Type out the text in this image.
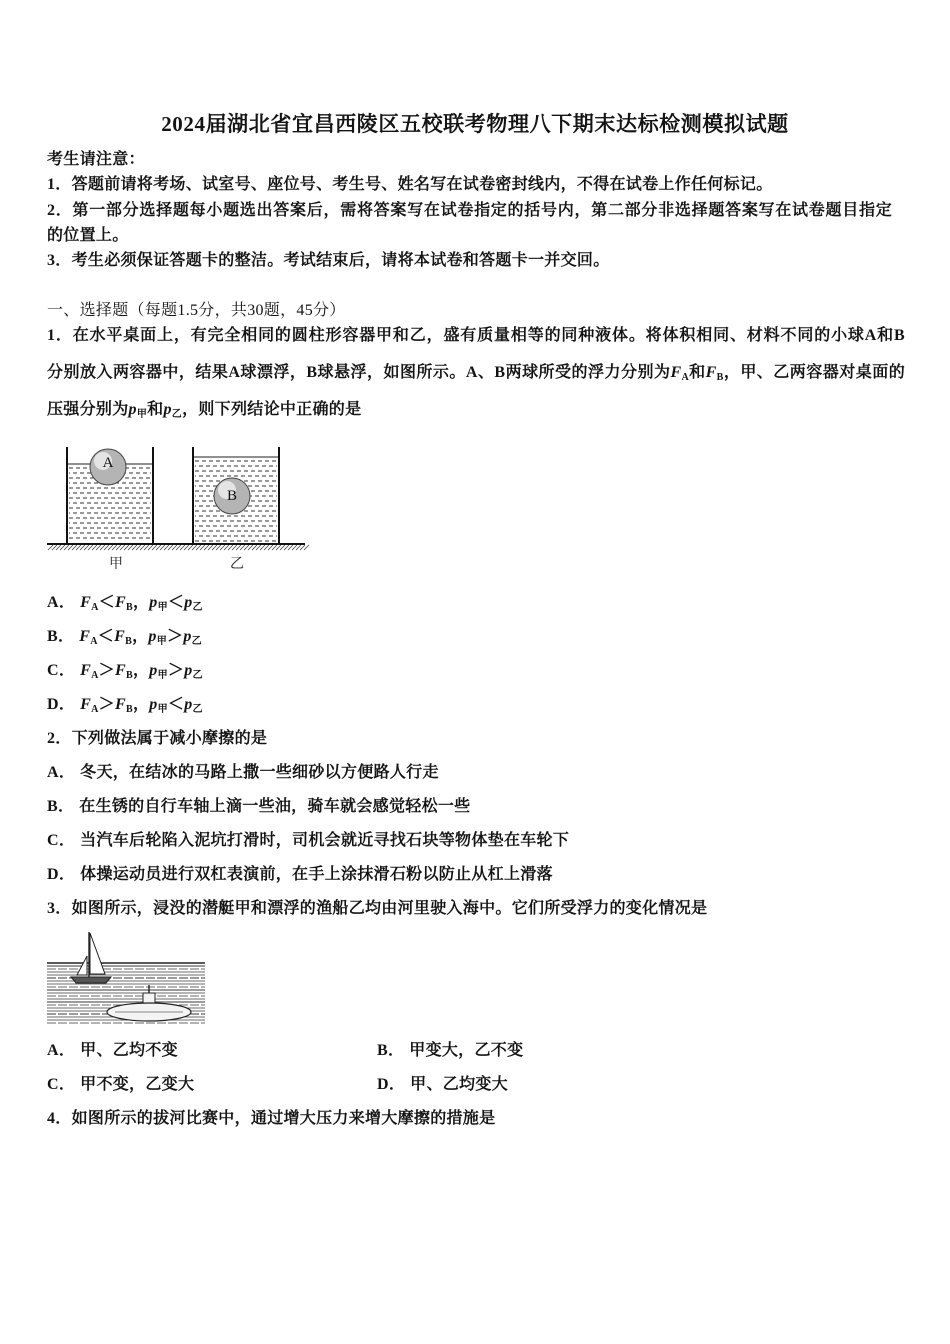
2024届湖北省宜昌西陵区五校联考物理八下期末达标检测模拟试题
考生请注意：
1．答题前请将考场、试室号、座位号、考生号、姓名写在试卷密封线内，不得在试卷上作任何标记。
2．第一部分选择题每小题选出答案后，需将答案写在试卷指定的括号内，第二部分非选择题答案写在试卷题目指定
的位置上。
3．考生必须保证答题卡的整洁。考试结束后，请将本试卷和答题卡一并交回。
一、选择题（每题1.5分，共30题，45分）
1．在水平桌面上，有完全相同的圆柱形容器甲和乙，盛有质量相等的同种液体。将体积相同、材料不同的小球A和B
分别放入两容器中，结果A球漂浮，B球悬浮，如图所示。A、B两球所受的浮力分别为$F_A$和$F_B$，甲、乙两容器对桌面的
压强分别为$p_甲$和$p_乙$，则下列结论中正确的是
A
B
甲	乙
A． $F_A<F_B$，$p_甲<p_乙$
B． $F_A<F_B$，$p_甲>p_乙$
C． $F_A>F_B$，$p_甲>p_乙$
D． $F_A>F_B$，$p_甲<p_乙$
2．下列做法属于减小摩擦的是
A． 冬天，在结冰的马路上撒一些细砂以方便路人行走
B． 在生锈的自行车轴上滴一些油，骑车就会感觉轻松一些
C． 当汽车后轮陷入泥坑打滑时，司机会就近寻找石块等物体垫在车轮下
D． 体操运动员进行双杠表演前，在手上涂抹滑石粉以防止从杠上滑落
3．如图所示，浸没的潜艇甲和漂浮的渔船乙均由河里驶入海中。它们所受浮力的变化情况是
A． 甲、乙均不变	B． 甲变大，乙不变
C． 甲不变，乙变大	D． 甲、乙均变大
4．如图所示的拔河比赛中，通过增大压力来增大摩擦的措施是
